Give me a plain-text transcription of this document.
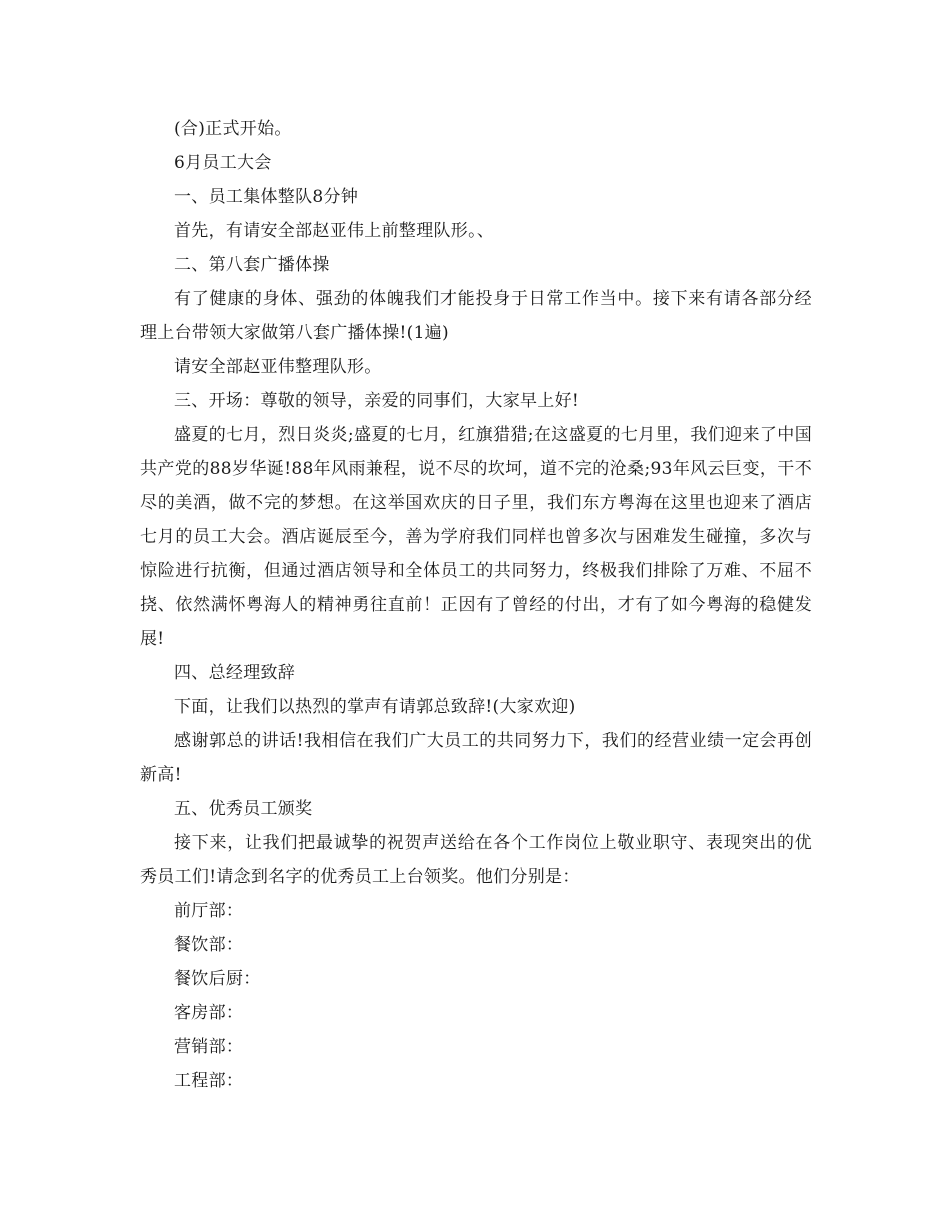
(合)正式开始。

6月员工大会

一、员工集体整队8分钟

首先，有请安全部赵亚伟上前整理队形。、

二、第八套广播体操

有了健康的身体、强劲的体魄我们才能投身于日常工作当中。接下来有请各部分经理上台带领大家做第八套广播体操!(1遍)

请安全部赵亚伟整理队形。

三、开场：尊敬的领导，亲爱的同事们，大家早上好!

盛夏的七月，烈日炎炎;盛夏的七月，红旗猎猎;在这盛夏的七月里，我们迎来了中国共产党的88岁华诞!88年风雨兼程，说不尽的坎坷，道不完的沧桑;93年风云巨变，干不尽的美酒，做不完的梦想。在这举国欢庆的日子里，我们东方粤海在这里也迎来了酒店七月的员工大会。酒店诞辰至今，善为学府我们同样也曾多次与困难发生碰撞，多次与惊险进行抗衡，但通过酒店领导和全体员工的共同努力，终极我们排除了万难、不屈不挠、依然满怀粤海人的精神勇往直前！正因有了曾经的付出，才有了如今粤海的稳健发展!

四、总经理致辞

下面，让我们以热烈的掌声有请郭总致辞!(大家欢迎)

感谢郭总的讲话!我相信在我们广大员工的共同努力下，我们的经营业绩一定会再创新高!

五、优秀员工颁奖

接下来，让我们把最诚挚的祝贺声送给在各个工作岗位上敬业职守、表现突出的优秀员工们!请念到名字的优秀员工上台领奖。他们分别是：

前厅部：

餐饮部：

餐饮后厨：

客房部：

营销部：

工程部：
